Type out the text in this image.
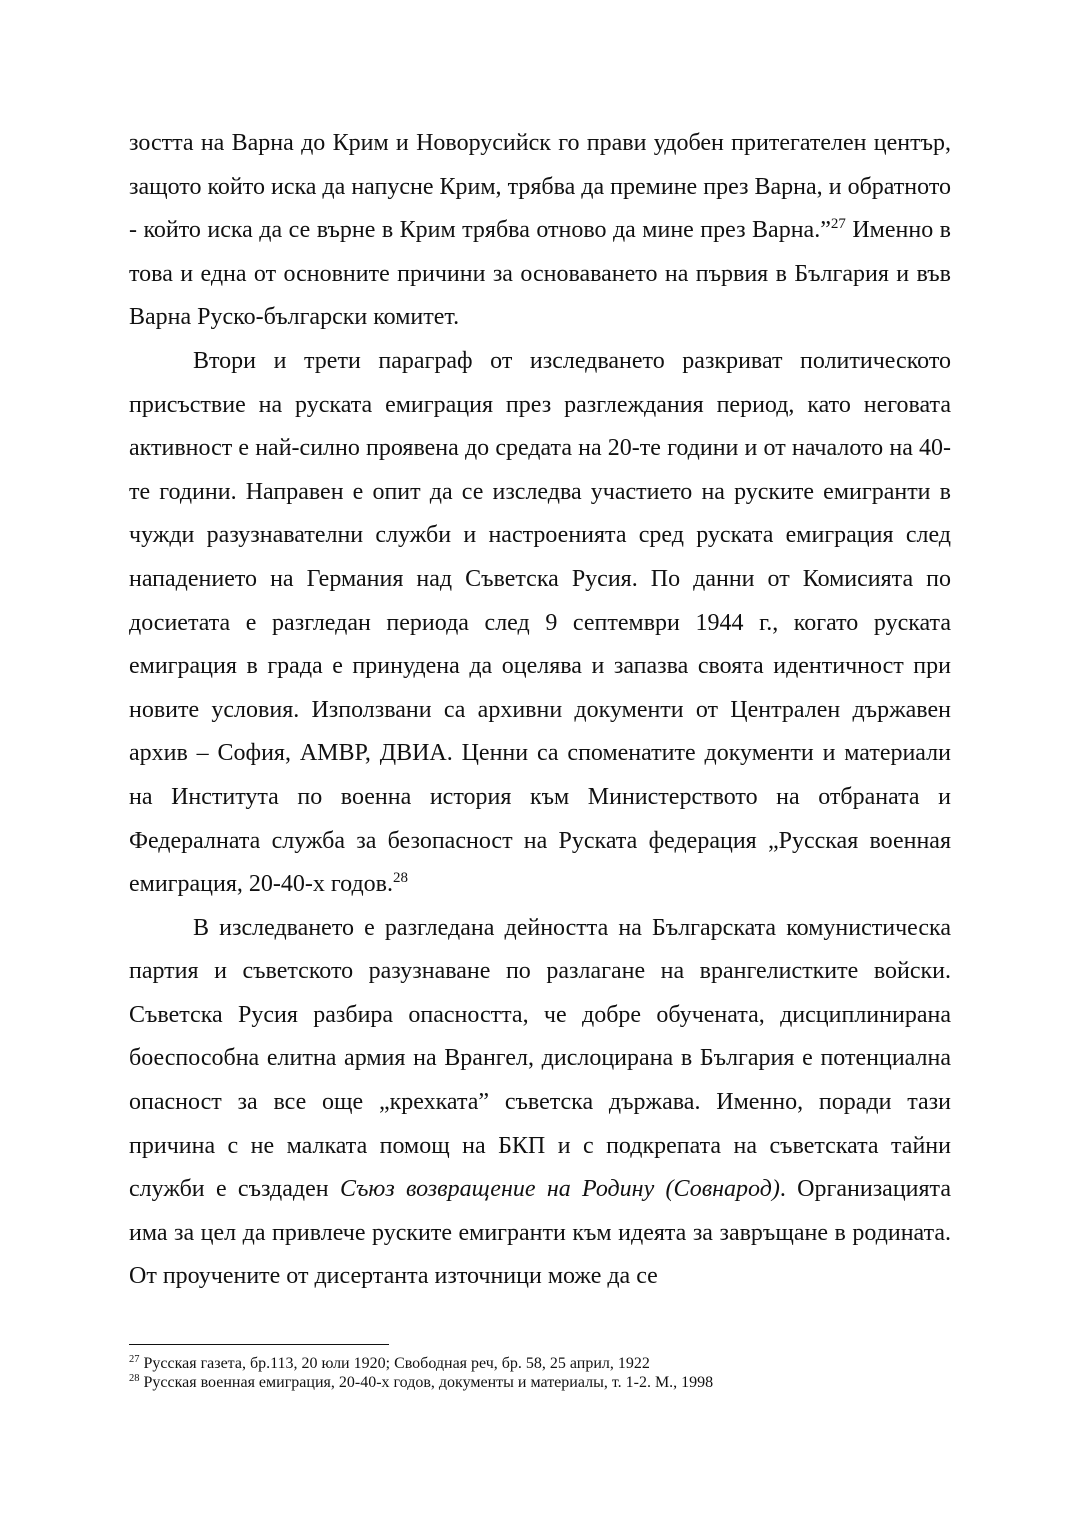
зостта на Варна до Крим и Новорусийск го прави удобен притегателен център, защото който иска да напусне Крим, трябва да премине през Варна, и обратното - който иска да се върне в Крим трябва отново да мине през Варна.”$^{27}$ Именно в това и една от основните причини за основаването на първия в България и във Варна Руско-български комитет.

Втори и трети параграф от изследването разкриват политическото присъствие на руската емиграция през разглеждания период, като неговата активност е най-силно проявена до средата на 20-те години и от началото на 40-те години. Направен е опит да се изследва участието на руските емигранти в чужди разузнавателни служби и настроенията сред руската емиграция след нападението на Германия над Съветска Русия. По данни от Комисията по досиетата е разгледан периода след 9 септември 1944 г., когато руската емиграция в града е принудена да оцелява и запазва своята идентичност при новите условия. Използвани са архивни документи от Централен държавен архив – София, АМВР, ДВИА. Ценни са споменатите документи и материали на Института по военна история към Министерството на отбраната и Федералната служба за безопасност на Руската федерация „Русская военная емиграция, 20-40-х годов.$^{28}$

В изследването е разгледана дейността на Българската комунистическа партия и съветското разузнаване по разлагане на врангелистките войски. Съветска Русия разбира опасността, че добре обучената, дисциплинирана боеспособна елитна армия на Врангел, дислоцирана в България е потенциална опасност за все още „крехката” съветска държава. Именно, поради тази причина с не малката помощ на БКП и с подкрепата на съветската тайни служби е създаден Съюз возвращение на Родину (Совнарод). Организацията има за цел да привлече руските емигранти към идеята за завръщане в родината. От проучените от дисертанта източници може да се

$^{27}$ Русская газета, бр.113, 20 юли 1920; Свободная реч, бр. 58, 25 април, 1922

$^{28}$ Русская военная емиграция, 20-40-х годов, документы и материалы, т. 1-2. М., 1998
